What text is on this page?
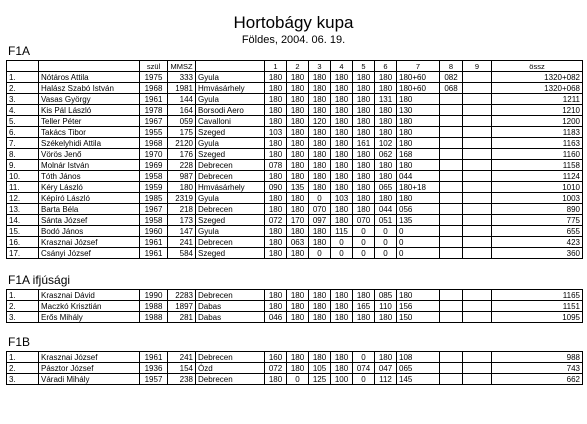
Hortobágy kupa
Földes, 2004. 06. 19.
F1A
		szül	MMSZ		1	2	3	4	5	6	7	8	9	össz
1.	Nótáros Attila	1975	333	Gyula	180	180	180	180	180	180	180+60	082		1320+082
2.	Halász Szabó István	1968	1981	Hmvásárhely	180	180	180	180	180	180	180+60	068		1320+068
3.	Vasas György	1961	144	Gyula	180	180	180	180	180	131	180			1211
4.	Kis Pál László	1978	164	Borsodi Aero	180	180	180	180	180	180	130			1210
5.	Teller Péter	1967	059	Cavalloni	180	180	120	180	180	180	180			1200
6.	Takács Tibor	1955	175	Szeged	103	180	180	180	180	180	180			1183
7.	Székelyhidi Attila	1968	2120	Gyula	180	180	180	180	161	102	180			1163
8.	Vörös Jenő	1970	176	Szeged	180	180	180	180	180	062	168			1160
9.	Molnár István	1969	228	Debrecen	078	180	180	180	180	180	180			1158
10.	Tóth János	1958	987	Debrecen	180	180	180	180	180	180	044			1124
11.	Kéry László	1959	180	Hmvásárhely	090	135	180	180	180	065	180+18			1010
12.	Képíró László	1985	2319	Gyula	180	180	0	103	180	180	180			1003
13.	Barta Béla	1967	218	Debrecen	180	180	070	180	180	044	056			890
14.	Sánta József	1958	173	Szeged	072	170	097	180	070	051	135			775
15.	Bodó János	1960	147	Gyula	180	180	180	115	0	0	0			655
16.	Krasznai József	1961	241	Debrecen	180	063	180	0	0	0	0			423
17.	Csányi József	1961	584	Szeged	180	180	0	0	0	0	0			360
F1A ifjúsági
1.	Krasznai Dávid	1990	2283	Debrecen	180	180	180	180	180	085	180			1165
2.	Maczkó Krisztián	1988	1897	Dabas	180	180	180	180	165	110	156			1151
3.	Erős Mihály	1988	281	Dabas	046	180	180	180	180	180	150			1095
F1B
1.	Krasznai József	1961	241	Debrecen	160	180	180	180	0	180	108			988
2.	Pásztor József	1936	154	Ózd	072	180	105	180	074	047	065			743
3.	Váradi Mihály	1957	238	Debrecen	180	0	125	100	0	112	145			662
